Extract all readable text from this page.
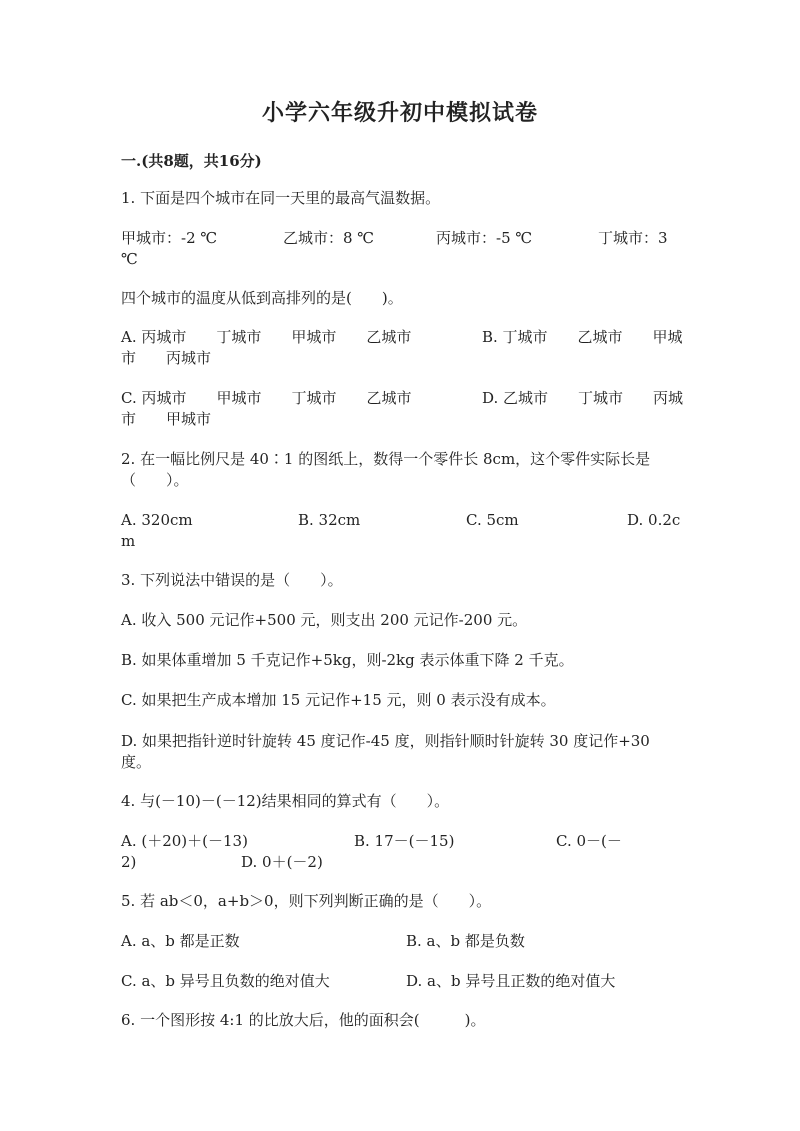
小学六年级升初中模拟试卷
一.(共8题，共16分)
1. 下面是四个城市在同一天里的最高气温数据。
甲城市：-2 ℃	乙城市：8 ℃	丙城市：-5 ℃	丁城市：3
℃
四个城市的温度从低到高排列的是(　　)。
A. 丙城市　　丁城市　　甲城市　　乙城市	B. 丁城市　　乙城市　　甲城
市　　丙城市
C. 丙城市　　甲城市　　丁城市　　乙城市	D. 乙城市　　丁城市　　丙城
市　　甲城市
2. 在一幅比例尺是 40∶1 的图纸上，数得一个零件长 8cm，这个零件实际长是
（　　）。
A. 320cm	B. 32cm	C. 5cm	D. 0.2c
m
3. 下列说法中错误的是（　　）。
A. 收入 500 元记作+500 元，则支出 200 元记作-200 元。
B. 如果体重增加 5 千克记作+5kg，则-2kg 表示体重下降 2 千克。
C. 如果把生产成本增加 15 元记作+15 元，则 0 表示没有成本。
D. 如果把指针逆时针旋转 45 度记作-45 度，则指针顺时针旋转 30 度记作+30
度。
4. 与(－10)－(－12)结果相同的算式有（　　）。
A. (＋20)＋(－13)	B. 17－(－15)	C. 0－(－
2)	D. 0＋(－2)
5. 若 ab＜0，a+b＞0，则下列判断正确的是（　　）。
A. a、b 都是正数	B. a、b 都是负数
C. a、b 异号且负数的绝对值大	D. a、b 异号且正数的绝对值大
6. 一个图形按 4:1 的比放大后，他的面积会(　　　)。
